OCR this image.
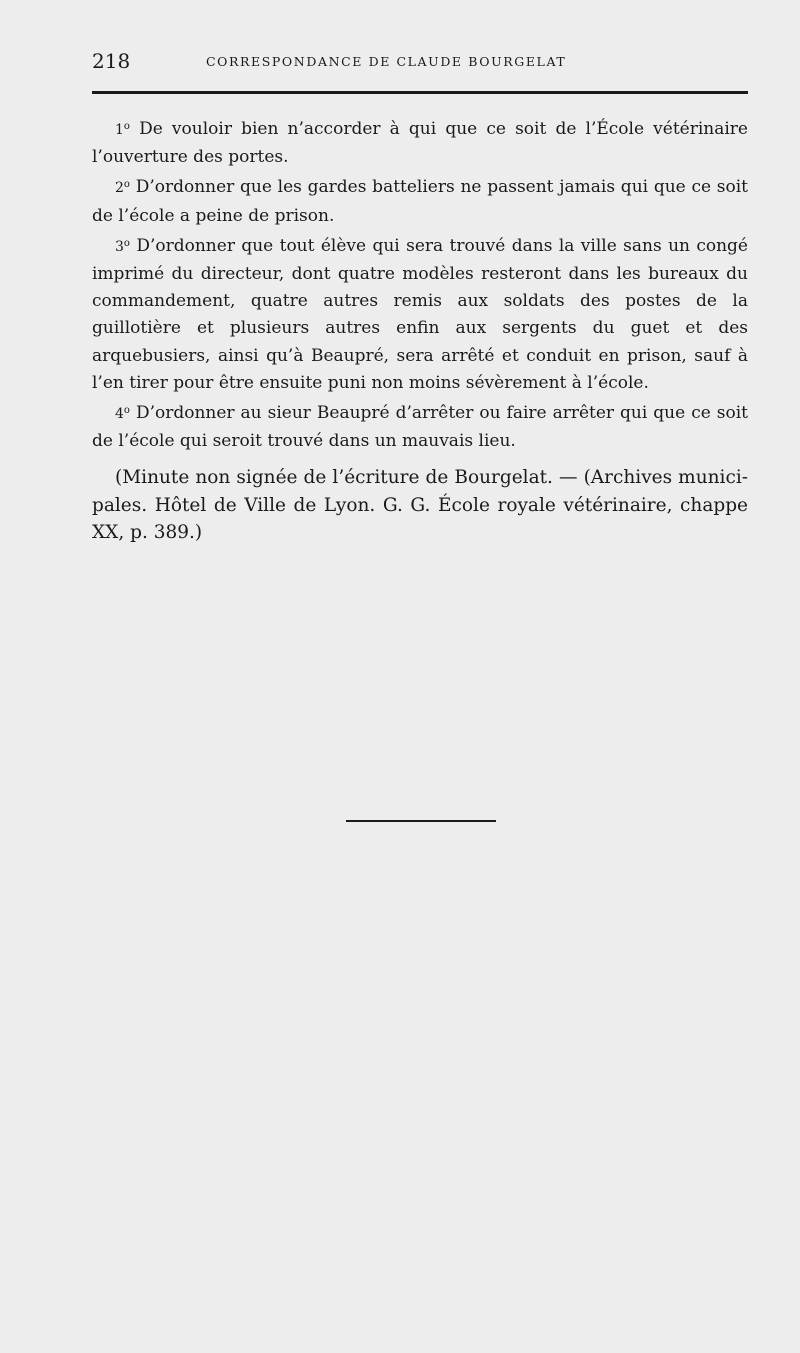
218	CORRESPONDANCE DE CLAUDE BOURGELAT

1$^o$ De vouloir bien n’accorder à qui que ce soit de l’École vétérinaire l’ouverture des portes.

2$^o$ D’ordonner que les gardes batteliers ne passent jamais qui que ce soit de l’école a peine de prison.

3$^o$ D’ordonner que tout élève qui sera trouvé dans la ville sans un congé imprimé du directeur, dont quatre modèles resteront dans les bureaux du commandement, quatre autres remis aux soldats des postes de la guillotière et plusieurs autres enfin aux sergents du guet et des arquebusiers, ainsi qu’à Beaupré, sera arrêté et conduit en prison, sauf à l’en tirer pour être ensuite puni non moins sévèrement à l’école.

4$^o$ D’ordonner au sieur Beaupré d’arrêter ou faire arrêter qui que ce soit de l’école qui seroit trouvé dans un mauvais lieu.

(Minute non signée de l’écriture de Bourgelat. — (Archives municipales. Hôtel de Ville de Lyon. G. G. École royale vétérinaire, chappe XX, p. 389.)
